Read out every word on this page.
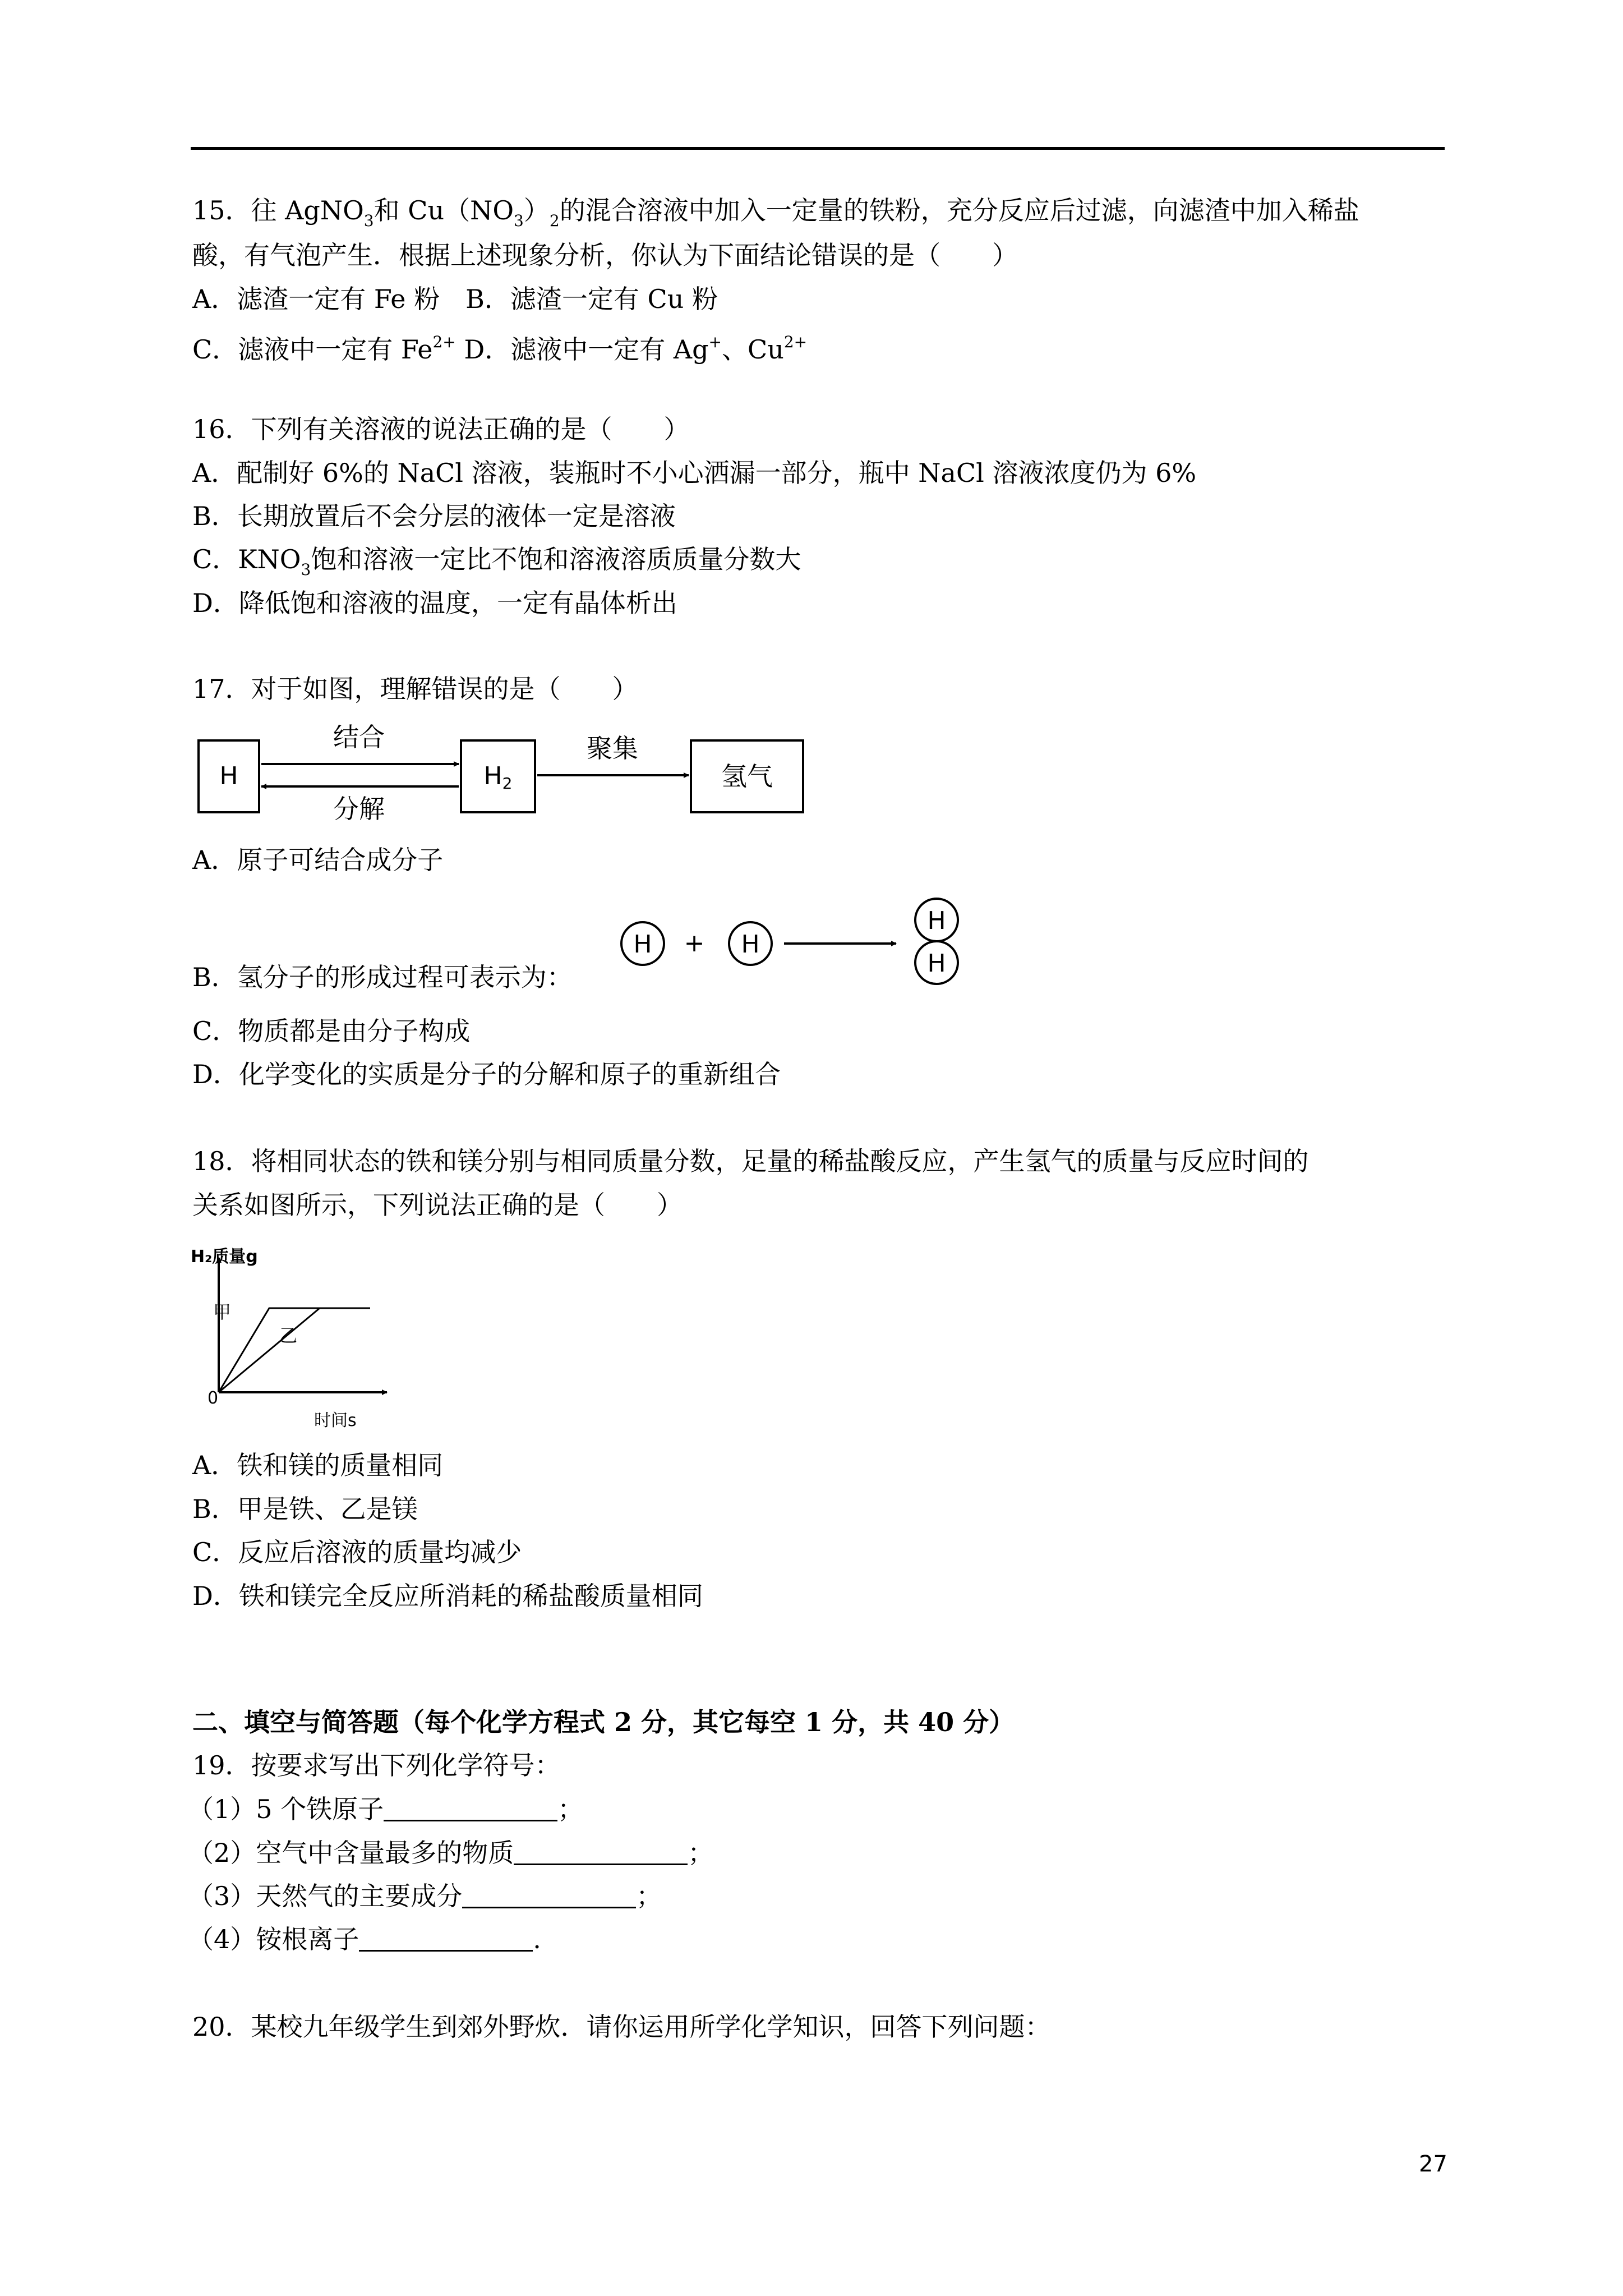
15．往 AgNO$_3$和 $Cu(NO_3)_2$的混合溶液中加入一定量的铁粉，充分反应后过滤，向滤渣中加入稀盐
酸，有气泡产生．根据上述现象分析，你认为下面结论错误的是（　　）
A．滤渣一定有 Fe 粉　B．滤渣一定有 Cu 粉
C．滤液中一定有 $Fe^{2+}$ D．滤液中一定有 Ag+、$Cu^{2+}$
16．下列有关溶液的说法正确的是（　　）
A．配制好 6%的 NaCl 溶液，装瓶时不小心洒漏一部分，瓶中 NaCl 溶液浓度仍为 6%
B．长期放置后不会分层的液体一定是溶液
C．$KNO_3$饱和溶液一定比不饱和溶液溶质质量分数大
D．降低饱和溶液的温度，一定有晶体析出
17．对于如图，理解错误的是（　　）
H
结合
分解
H2
聚集
氢气
A．原子可结合成分子
H + H
H
H
B．氢分子的形成过程可表示为：
C．物质都是由分子构成
D．化学变化的实质是分子的分解和原子的重新组合
18．将相同状态的铁和镁分别与相同质量分数，足量的稀盐酸反应，产生氢气的质量与反应时间的
关系如图所示，下列说法正确的是（　　）
H₂质量g
0
时间s
甲
乙
A．铁和镁的质量相同
B．甲是铁、乙是镁
C．反应后溶液的质量均减少
D．铁和镁完全反应所消耗的稀盐酸质量相同
二、填空与简答题（每个化学方程式 2 分，其它每空 1 分，共 40 分）
19．按要求写出下列化学符号：
（1）5 个铁原子	；
（2）空气中含量最多的物质	；
（3）天然气的主要成分	；
（4）铵根离子	.
20．某校九年级学生到郊外野炊．请你运用所学化学知识，回答下列问题：
27
